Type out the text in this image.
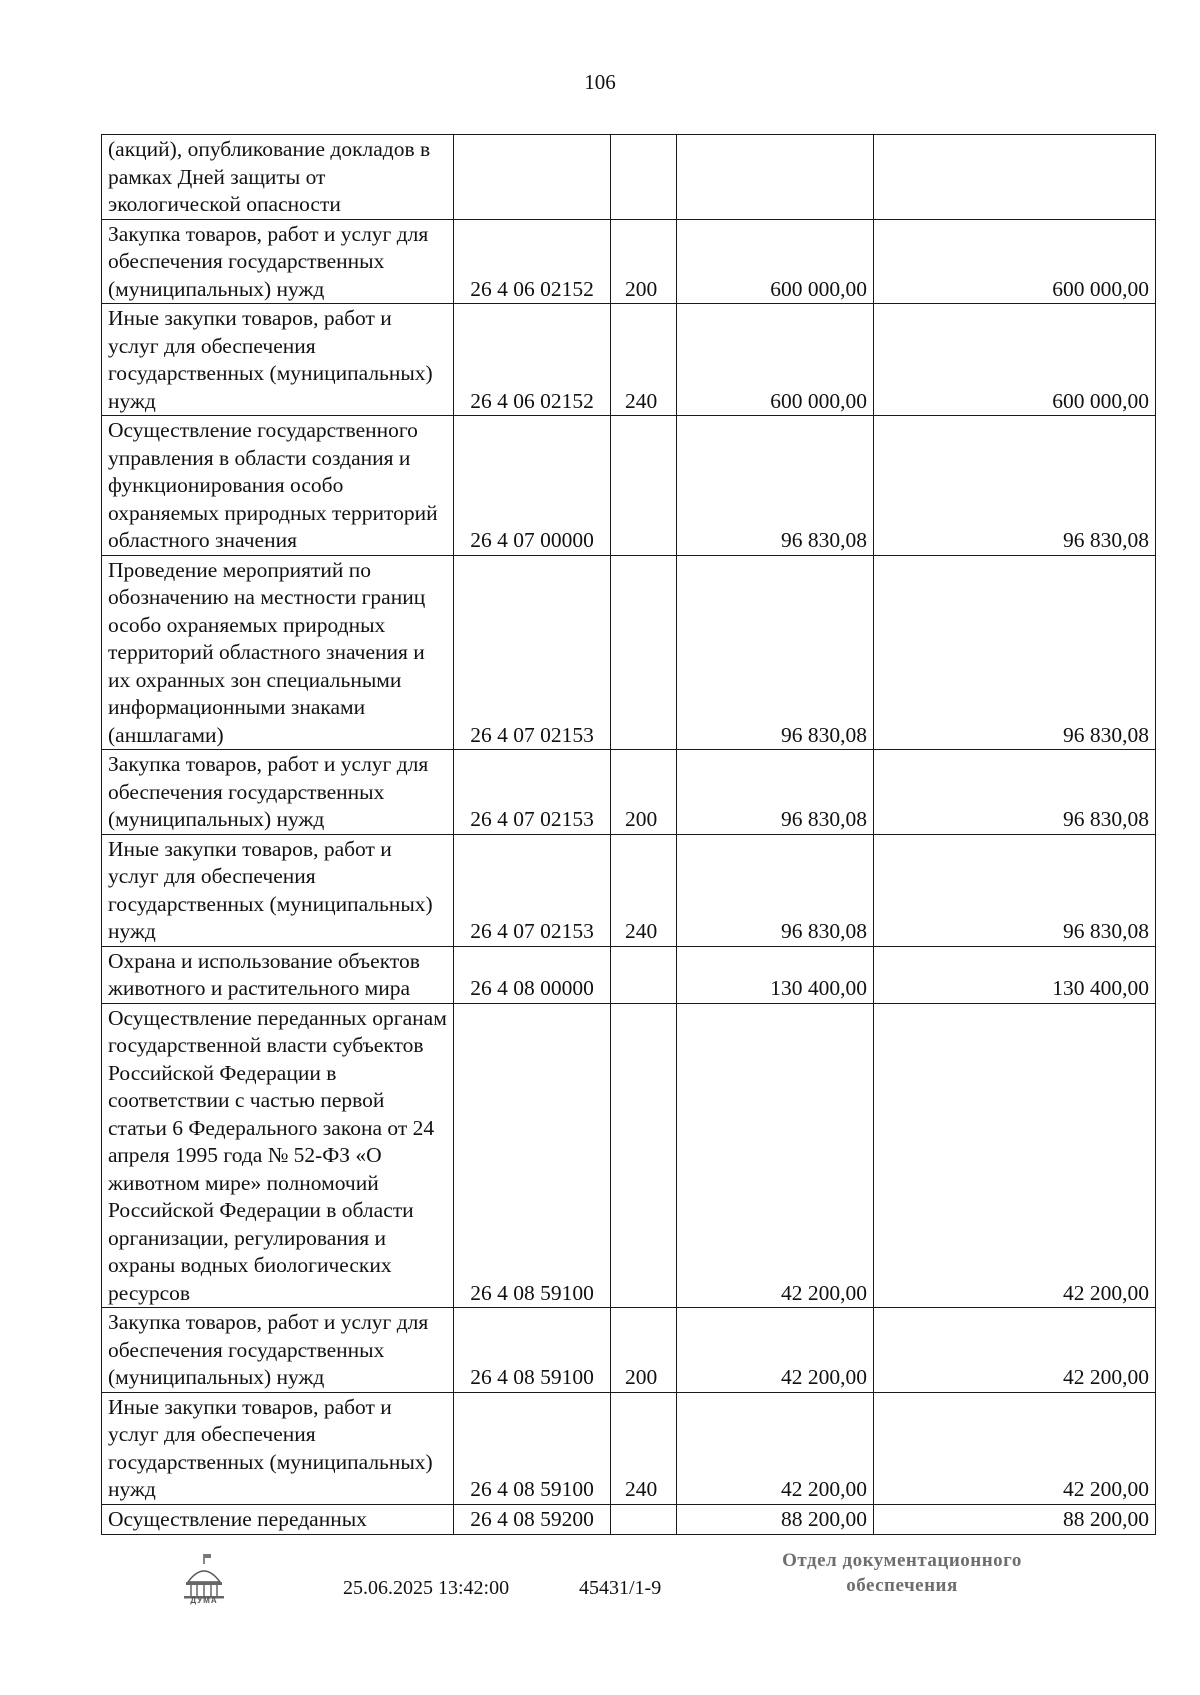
106
(акций), опубликование докладов в рамках Дней защиты от экологической опасности				
Закупка товаров, работ и услуг для обеспечения государственных (муниципальных) нужд	26 4 06 02152	200	600 000,00	600 000,00
Иные закупки товаров, работ и услуг для обеспечения государственных (муниципальных) нужд	26 4 06 02152	240	600 000,00	600 000,00
Осуществление государственного управления в области создания и функционирования особо охраняемых природных территорий областного значения	26 4 07 00000		96 830,08	96 830,08
Проведение мероприятий по обозначению на местности границ особо охраняемых природных территорий областного значения и их охранных зон специальными информационными знаками (аншлагами)	26 4 07 02153		96 830,08	96 830,08
Закупка товаров, работ и услуг для обеспечения государственных (муниципальных) нужд	26 4 07 02153	200	96 830,08	96 830,08
Иные закупки товаров, работ и услуг для обеспечения государственных (муниципальных) нужд	26 4 07 02153	240	96 830,08	96 830,08
Охрана и использование объектов животного и растительного мира	26 4 08 00000		130 400,00	130 400,00
Осуществление переданных органам государственной власти субъектов Российской Федерации в соответствии с частью первой статьи 6 Федерального закона от 24 апреля 1995 года № 52-ФЗ «О животном мире» полномочий Российской Федерации в области организации, регулирования и охраны водных биологических ресурсов	26 4 08 59100		42 200,00	42 200,00
Закупка товаров, работ и услуг для обеспечения государственных (муниципальных) нужд	26 4 08 59100	200	42 200,00	42 200,00
Иные закупки товаров, работ и услуг для обеспечения государственных (муниципальных) нужд	26 4 08 59100	240	42 200,00	42 200,00
Осуществление переданных	26 4 08 59200		88 200,00	88 200,00
ДУМА
25.06.2025 13:42:00	45431/1-9
Отдел документационного
обеспечения
